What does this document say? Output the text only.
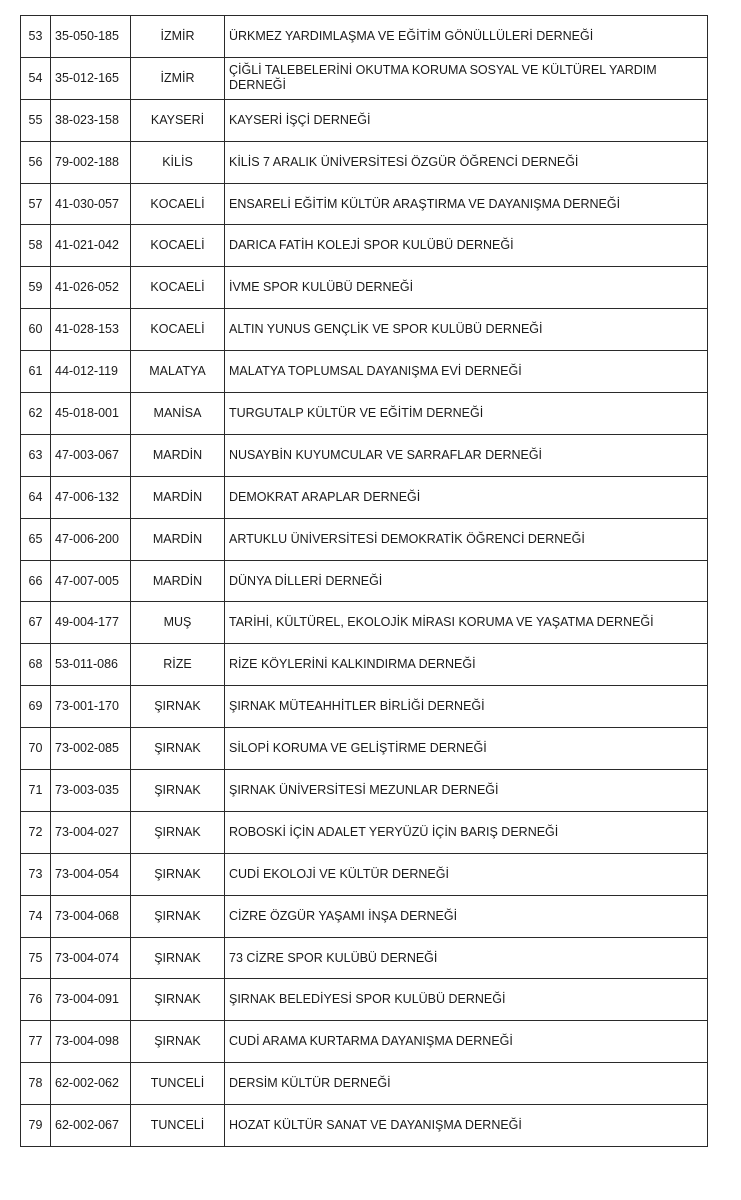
53	35-050-185	İZMİR	ÜRKMEZ YARDIMLAŞMA VE EĞİTİM GÖNÜLLÜLERİ DERNEĞİ
54	35-012-165	İZMİR	ÇİĞLİ TALEBELERİNİ OKUTMA KORUMA SOSYAL VE KÜLTÜREL YARDIM DERNEĞİ
55	38-023-158	KAYSERİ	KAYSERİ İŞÇİ DERNEĞİ
56	79-002-188	KİLİS	KİLİS 7 ARALIK ÜNİVERSİTESİ ÖZGÜR ÖĞRENCİ DERNEĞİ
57	41-030-057	KOCAELİ	ENSARELİ EĞİTİM KÜLTÜR ARAŞTIRMA VE DAYANIŞMA DERNEĞİ
58	41-021-042	KOCAELİ	DARICA FATİH KOLEJİ SPOR KULÜBÜ DERNEĞİ
59	41-026-052	KOCAELİ	İVME SPOR KULÜBÜ DERNEĞİ
60	41-028-153	KOCAELİ	ALTIN YUNUS GENÇLİK VE SPOR KULÜBÜ DERNEĞİ
61	44-012-119	MALATYA	MALATYA TOPLUMSAL DAYANIŞMA EVİ DERNEĞİ
62	45-018-001	MANİSA	TURGUTALP KÜLTÜR VE EĞİTİM DERNEĞİ
63	47-003-067	MARDİN	NUSAYBİN KUYUMCULAR VE SARRAFLAR DERNEĞİ
64	47-006-132	MARDİN	DEMOKRAT ARAPLAR DERNEĞİ
65	47-006-200	MARDİN	ARTUKLU ÜNİVERSİTESİ DEMOKRATİK ÖĞRENCİ DERNEĞİ
66	47-007-005	MARDİN	DÜNYA DİLLERİ DERNEĞİ
67	49-004-177	MUŞ	TARİHİ, KÜLTÜREL, EKOLOJİK MİRASI KORUMA VE YAŞATMA DERNEĞİ
68	53-011-086	RİZE	RİZE KÖYLERİNİ KALKINDIRMA DERNEĞİ
69	73-001-170	ŞIRNAK	ŞIRNAK MÜTEAHHİTLER BİRLİĞİ DERNEĞİ
70	73-002-085	ŞIRNAK	SİLOPİ KORUMA VE GELİŞTİRME DERNEĞİ
71	73-003-035	ŞIRNAK	ŞIRNAK ÜNİVERSİTESİ MEZUNLAR DERNEĞİ
72	73-004-027	ŞIRNAK	ROBOSKİ İÇİN ADALET YERYÜZÜ İÇİN BARIŞ DERNEĞİ
73	73-004-054	ŞIRNAK	CUDİ EKOLOJİ VE KÜLTÜR DERNEĞİ
74	73-004-068	ŞIRNAK	CİZRE ÖZGÜR YAŞAMI İNŞA DERNEĞİ
75	73-004-074	ŞIRNAK	73 CİZRE SPOR KULÜBÜ DERNEĞİ
76	73-004-091	ŞIRNAK	ŞIRNAK BELEDİYESİ SPOR KULÜBÜ DERNEĞİ
77	73-004-098	ŞIRNAK	CUDİ ARAMA KURTARMA DAYANIŞMA DERNEĞİ
78	62-002-062	TUNCELİ	DERSİM KÜLTÜR DERNEĞİ
79	62-002-067	TUNCELİ	HOZAT KÜLTÜR SANAT VE DAYANIŞMA DERNEĞİ
